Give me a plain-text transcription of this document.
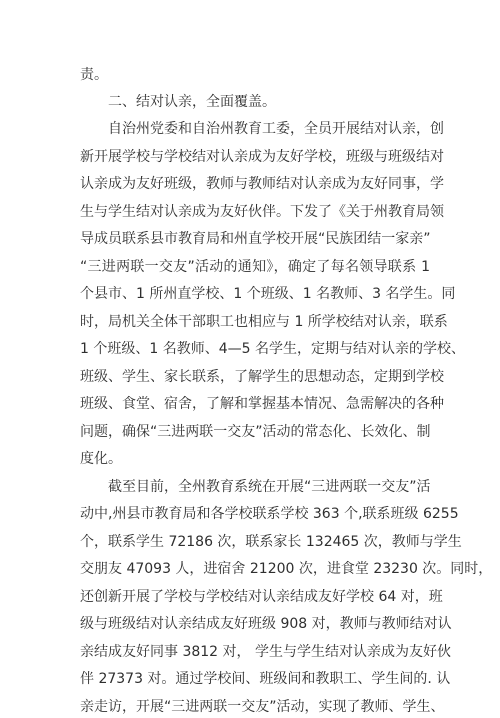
责。
二、结对认亲，全面覆盖。
自治州党委和自治州教育工委，全员开展结对认亲，创
新开展学校与学校结对认亲成为友好学校，班级与班级结对
认亲成为友好班级，教师与教师结对认亲成为友好同事，学
生与学生结对认亲成为友好伙伴。下发了《关于州教育局领
导成员联系县市教育局和州直学校开展“民族团结一家亲”
“三进两联一交友”活动的通知》，确定了每名领导联系 1
个县市、1 所州直学校、1 个班级、1 名教师、3 名学生。同
时，局机关全体干部职工也相应与 1 所学校结对认亲，联系
1 个班级、1 名教师、4—5 名学生，定期与结对认亲的学校、
班级、学生、家长联系，了解学生的思想动态，定期到学校
班级、食堂、宿舍，了解和掌握基本情况、急需解决的各种
问题，确保“三进两联一交友”活动的常态化、长效化、制
度化。
截至目前，全州教育系统在开展“三进两联一交友”活
动中,州县市教育局和各学校联系学校 363 个,联系班级 6255
个，联系学生 72186 次，联系家长 132465 次，教师与学生
交朋友 47093 人，进宿舍 21200 次，进食堂 23230 次。同时，
还创新开展了学校与学校结对认亲结成友好学校 64 对，班
级与班级结对认亲结成友好班级 908 对，教师与教师结对认
亲结成友好同事 3812 对， 学生与学生结对认亲成为友好伙
伴 27373 对。通过学校间、班级间和教职工、学生间的. 认
亲走访，开展“三进两联一交友”活动，实现了教师、学生、
